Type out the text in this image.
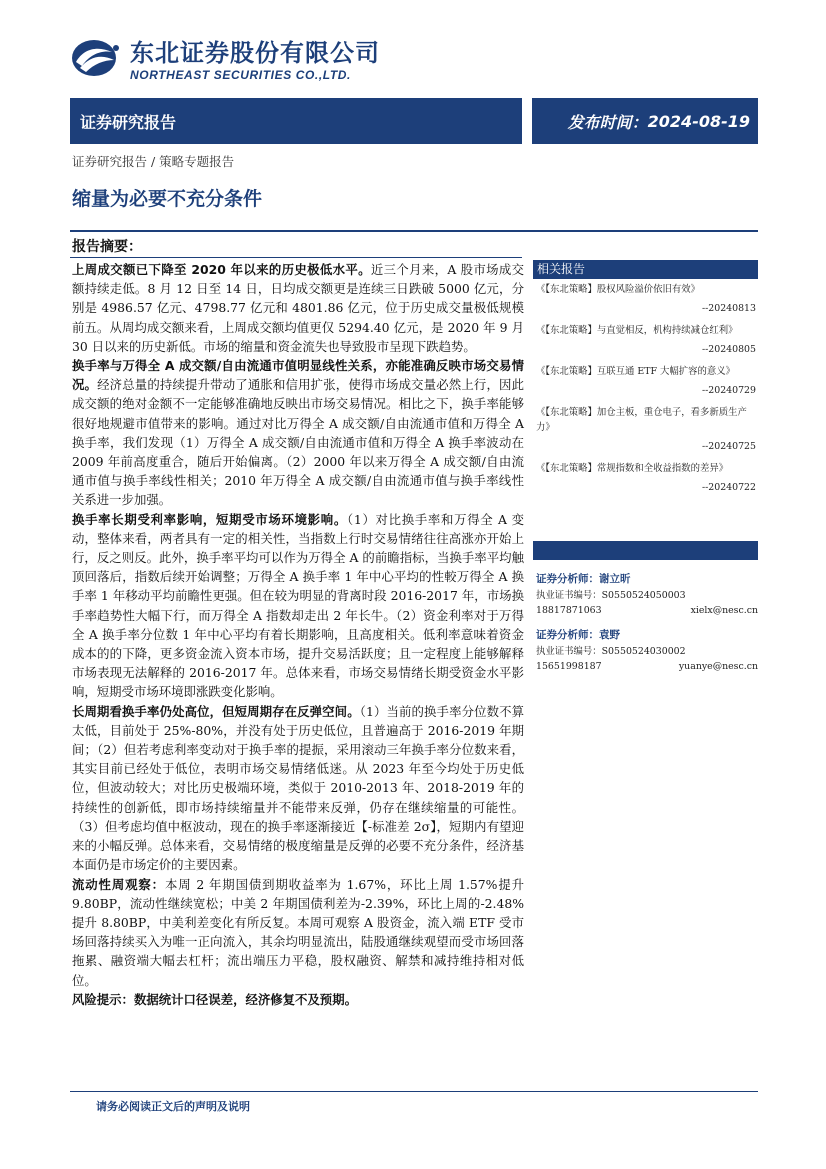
东北证券股份有限公司
NORTHEAST SECURITIES CO.,LTD.
证券研究报告	发布时间： 2024-08-19
证券研究报告 / 策略专题报告
缩量为必要不充分条件
报告摘要：

上周成交额已下降至 2020 年以来的历史极低水平。近三个月来，A 股市场成交额持续走低。8 月 12 日至 14 日，日均成交额更是连续三日跌破 5000 亿元，分别是 4986.57 亿元、4798.77 亿元和 4801.86 亿元，位于历史成交量极低规模前五。从周均成交额来看，上周成交额均值更仅 5294.40 亿元，是 2020 年 9 月 30 日以来的历史新低。市场的缩量和资金流失也导致股市呈现下跌趋势。

换手率与万得全 A 成交额/自由流通市值明显线性关系，亦能准确反映市场交易情况。经济总量的持续提升带动了通胀和信用扩张，使得市场成交量必然上行，因此成交额的绝对金额不一定能够准确地反映出市场交易情况。相比之下，换手率能够很好地规避市值带来的影响。通过对比万得全 A 成交额/自由流通市值和万得全 A 换手率，我们发现（1）万得全 A 成交额/自由流通市值和万得全 A 换手率波动在 2009 年前高度重合，随后开始偏离。（2）2000 年以来万得全 A 成交额/自由流通市值与换手率线性相关；2010 年万得全 A 成交额/自由流通市值与换手率线性关系进一步加强。

换手率长期受利率影响，短期受市场环境影响。（1）对比换手率和万得全 A 变动，整体来看，两者具有一定的相关性，当指数上行时交易情绪往往高涨亦开始上行，反之则反。此外，换手率平均可以作为万得全 A 的前瞻指标，当换手率平均触顶回落后，指数后续开始调整；万得全 A 换手率 1 年中心平均的性較万得全 A 换手率 1 年移动平均前瞻性更强。但在较为明显的背离时段 2016-2017 年，市场换手率趋势性大幅下行，而万得全 A 指数却走出 2 年长牛。（2）资金利率对于万得全 A 换手率分位数 1 年中心平均有着长期影响，且高度相关。低利率意味着资金成本的的下降，更多资金流入资本市场，提升交易活跃度；且一定程度上能够解释市场表现无法解释的 2016-2017 年。总体来看，市场交易情绪长期受资金水平影响，短期受市场环境即涨跌变化影响。

长周期看换手率仍处高位，但短周期存在反弹空间。（1）当前的换手率分位数不算太低，目前处于 25%-80%，并没有处于历史低位，且普遍高于 2016-2019 年期间；（2）但若考虑利率变动对于换手率的提振，采用滚动三年换手率分位数来看，其实目前已经处于低位，表明市场交易情绪低迷。从 2023 年至今均处于历史低位，但波动较大；对比历史极端环境，类似于 2010-2013 年、2018-2019 年的持续性的创新低，即市场持续缩量并不能带来反弹，仍存在继续缩量的可能性。（3）但考虑均值中枢波动，现在的换手率逐渐接近【-标准差 2σ】，短期内有望迎来的小幅反弹。总体来看，交易情绪的极度缩量是反弹的必要不充分条件，经济基本面仍是市场定价的主要因素。

流动性周观察：本周 2 年期国债到期收益率为 1.67%，环比上周 1.57%提升 9.80BP，流动性继续宽松；中美 2 年期国债利差为-2.39%，环比上周的-2.48%提升 8.80BP，中美利差变化有所反复。本周可观察 A 股资金，流入端 ETF 受市场回落持续买入为唯一正向流入，其余均明显流出，陆股通继续观望而受市场回落拖累、融资端大幅去杠杆；流出端压力平稳，股权融资、解禁和减持维持相对低位。

风险提示：数据统计口径误差，经济修复不及预期。

相关报告
《【东北策略】股权风险溢价依旧有效》
--20240813
《【东北策略】与直觉相反，机构持续减仓红利》
--20240805
《【东北策略】互联互通 ETF 大幅扩容的意义》
--20240729
《【东北策略】加仓主板，重仓电子，看多新质生产力》
--20240725
《【东北策略】常规指数和全收益指数的差异》
--20240722
证券分析师：谢立昕
执业证书编号：S0550524050003
18817871063	xielx@nesc.cn
证券分析师：袁野
执业证书编号：S0550524030002
15651998187	yuanye@nesc.cn
请务必阅读正文后的声明及说明
